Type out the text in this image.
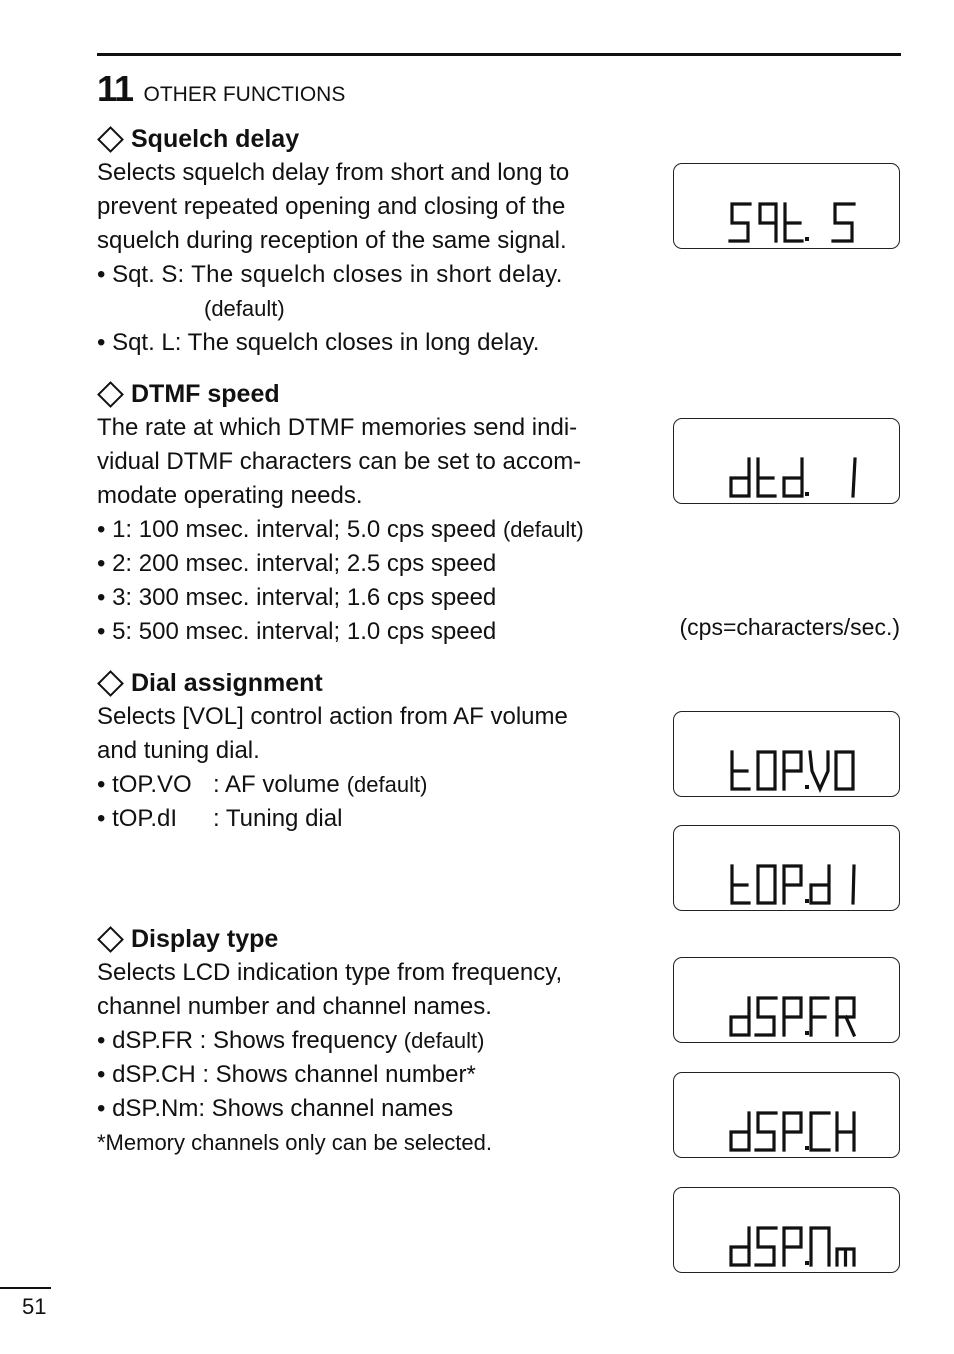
11 OTHER FUNCTIONS
Squelch delay
Selects squelch delay from short and long to
prevent repeated opening and closing of the
squelch during reception of the same signal.
• Sqt. S: The squelch closes in short delay.
(default)
• Sqt. L: The squelch closes in long delay.
DTMF speed
The rate at which DTMF memories send indi-
vidual DTMF characters can be set to accom-
modate operating needs.
• 1: 100 msec. interval; 5.0 cps speed (default)
• 2: 200 msec. interval; 2.5 cps speed
• 3: 300 msec. interval; 1.6 cps speed
• 5: 500 msec. interval; 1.0 cps speed	(cps=characters/sec.)
Dial assignment
Selects [VOL] control action from AF volume
and tuning dial.
• tOP.VO : AF volume (default)
• tOP.dI	: Tuning dial
Display type
Selects LCD indication type from frequency,
channel number and channel names.
• dSP.FR : Shows frequency (default)
• dSP.CH : Shows channel number*
• dSP.Nm: Shows channel names
*Memory channels only can be selected.
51
